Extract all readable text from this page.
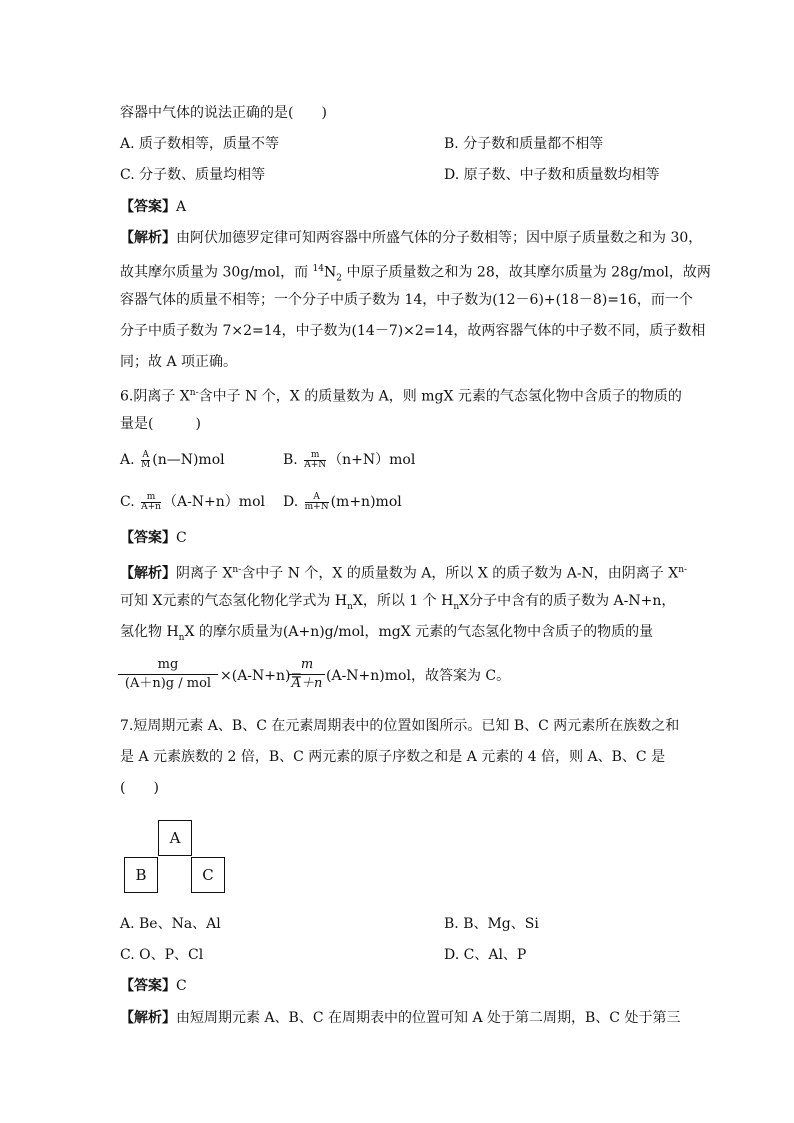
容器中气体的说法正确的是(　　)
A. 质子数相等，质量不等	B. 分子数和质量都不相等
C. 分子数、质量均相等	D. 原子数、中子数和质量数均相等
【答案】A
【解析】由阿伏加德罗定律可知两容器中所盛气体的分子数相等；因中原子质量数之和为 30，
故其摩尔质量为 30g/mol，而 $^{14}N_2$ 中原子质量数之和为 28，故其摩尔质量为 28g/mol，故两
容器气体的质量不相等；一个分子中质子数为 14，中子数为(12－6)+(18－8)=16，而一个
分子中质子数为 7×2=14，中子数为(14－7)×2=14，故两容器气体的中子数不同，质子数相
同；故 A 项正确。
6.阴离子 $X^{n-}$含中子 N 个，X 的质量数为 A，则 mgX 元素的气态氢化物中含质子的物质的
量是(　　　)
A. $\frac{A}{M}$ (n—N)mol	B. $\frac{m}{A+N} (n+N)mol$
C. $\frac{m}{A+n} (A-N+n)mol$ D. $\frac{A}{m+N} (m+n)mol$
【答案】C
【解析】阴离子 $X^{n-}$含中子 N 个，X 的质量数为 A，所以 X 的质子数为 A-N，由阴离子 $X^{n-}$
可知 X元素的气态氢化物化学式为 $H_nX$，所以 1 个 $H_nX$分子中含有的质子数为 A-N+n，
氢化物 $H_nX$ 的摩尔质量为(A+n)g/mol，mgX 元素的气态氢化物中含质子的物质的量
mg
(A＋n)g / mol ×(A-N+n)=
$\frac{m}{A+n} (A-N+n)mol$，故答案为 C。
7.短周期元素 A、B、C 在元素周期表中的位置如图所示。已知 B、C 两元素所在族数之和
是 A 元素族数的 2 倍，B、C 两元素的原子序数之和是 A 元素的 4 倍，则 A、B、C 是
(　　)
A
B	C
A. Be、Na、Al	B. B、Mg、Si
C. O、P、Cl	D. C、Al、P
【答案】C
【解析】由短周期元素 A、B、C 在周期表中的位置可知 A 处于第二周期，B、C 处于第三
